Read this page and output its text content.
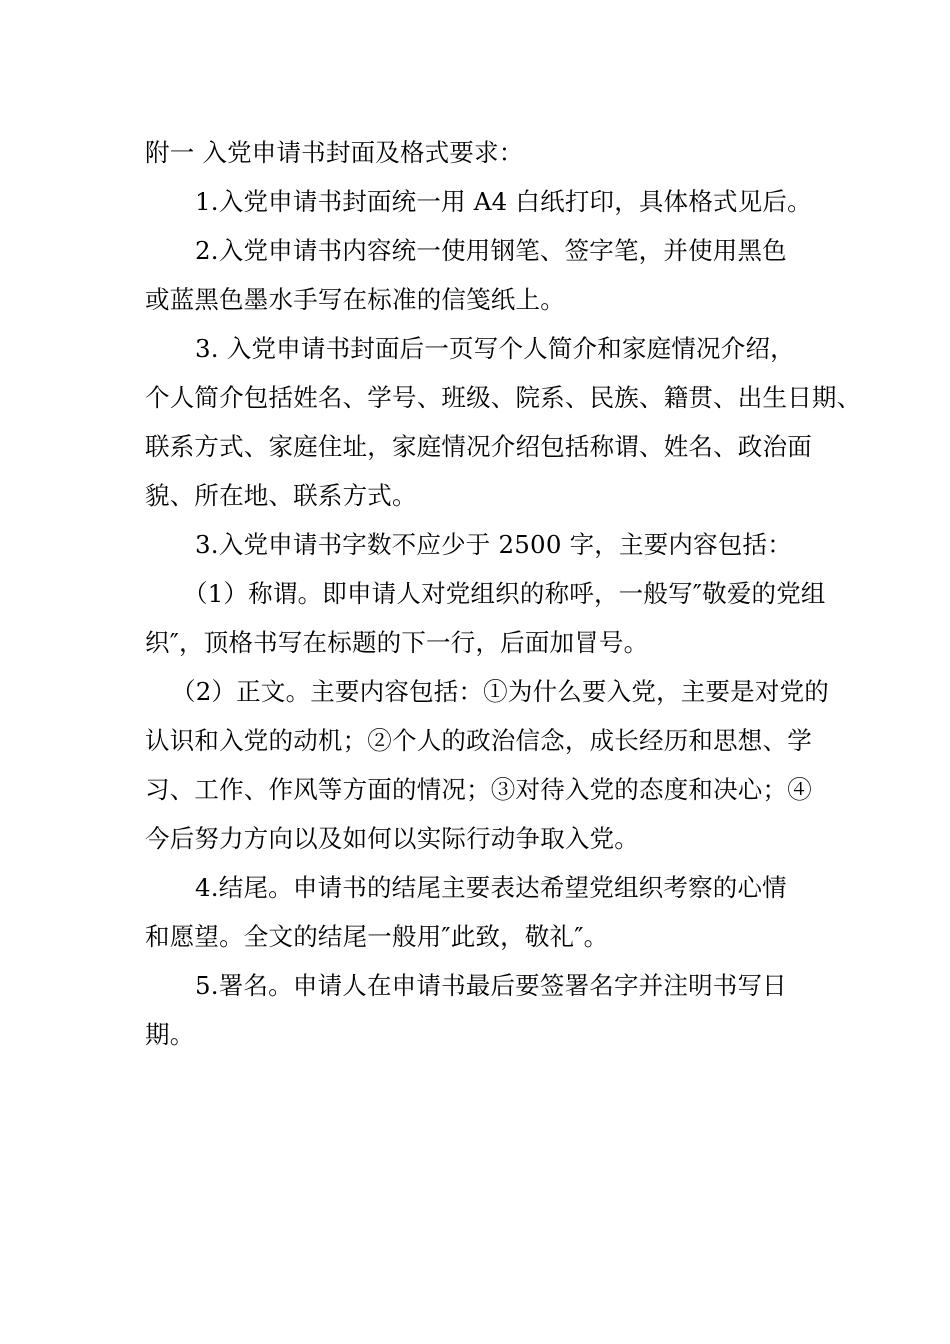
附一 入党申请书封面及格式要求：
1.入党申请书封面统一用 A4 白纸打印，具体格式见后。
2.入党申请书内容统一使用钢笔、签字笔，并使用黑色
或蓝黑色墨水手写在标准的信笺纸上。
3. 入党申请书封面后一页写个人简介和家庭情况介绍，
个人简介包括姓名、学号、班级、院系、民族、籍贯、出生日期、
联系方式、家庭住址，家庭情况介绍包括称谓、姓名、政治面
貌、所在地、联系方式。
3.入党申请书字数不应少于 2500 字，主要内容包括：
（1）称谓。即申请人对党组织的称呼，一般写″敬爱的党组
织″，顶格书写在标题的下一行，后面加冒号。
（2）正文。主要内容包括：①为什么要入党，主要是对党的
认识和入党的动机；②个人的政治信念，成长经历和思想、学
习、工作、作风等方面的情况；③对待入党的态度和决心；④
今后努力方向以及如何以实际行动争取入党。
4.结尾。申请书的结尾主要表达希望党组织考察的心情
和愿望。全文的结尾一般用″此致，敬礼″。
5.署名。申请人在申请书最后要签署名字并注明书写日
期。
